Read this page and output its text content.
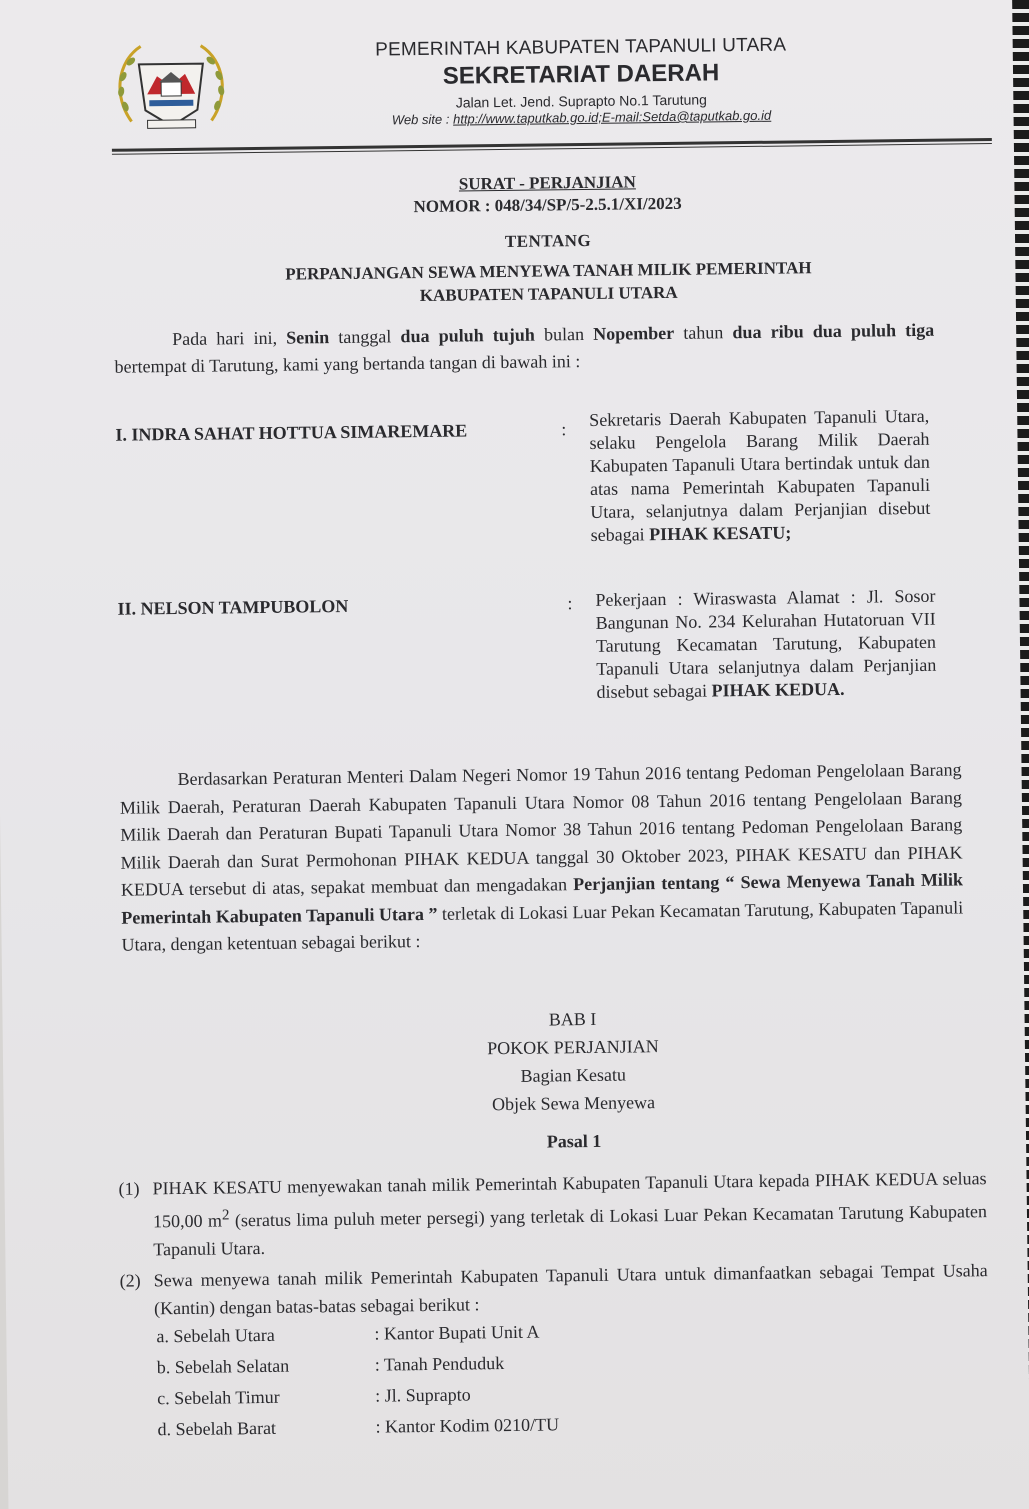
PEMERINTAH KABUPATEN TAPANULI UTARA
SEKRETARIAT DAERAH
Jalan Let. Jend. Suprapto No.1 Tarutung
Web site : http://www.taputkab.go.id;E-mail:Setda@taputkab.go.id
SURAT - PERJANJIAN
NOMOR : 048/34/SP/5-2.5.1/XI/2023
TENTANG
PERPANJANGAN SEWA MENYEWA TANAH MILIK PEMERINTAH
KABUPATEN TAPANULI UTARA
Pada hari ini, Senin tanggal dua puluh tujuh bulan Nopember tahun dua ribu dua puluh tiga bertempat di Tarutung, kami yang bertanda tangan di bawah ini :
I. INDRA SAHAT HOTTUA SIMAREMARE	: Sekretaris Daerah Kabupaten Tapanuli Utara, selaku Pengelola Barang Milik Daerah Kabupaten Tapanuli Utara bertindak untuk dan atas nama Pemerintah Kabupaten Tapanuli Utara, selanjutnya dalam Perjanjian disebut sebagai PIHAK KESATU;
II. NELSON TAMPUBOLON	: Pekerjaan : Wiraswasta Alamat : Jl. Sosor Bangunan No. 234 Kelurahan Hutatoruan VII Tarutung Kecamatan Tarutung, Kabupaten Tapanuli Utara selanjutnya dalam Perjanjian disebut sebagai PIHAK KEDUA.
Berdasarkan Peraturan Menteri Dalam Negeri Nomor 19 Tahun 2016 tentang Pedoman Pengelolaan Barang Milik Daerah, Peraturan Daerah Kabupaten Tapanuli Utara Nomor 08 Tahun 2016 tentang Pengelolaan Barang Milik Daerah dan Peraturan Bupati Tapanuli Utara Nomor 38 Tahun 2016 tentang Pedoman Pengelolaan Barang Milik Daerah dan Surat Permohonan PIHAK KEDUA tanggal 30 Oktober 2023, PIHAK KESATU dan PIHAK KEDUA tersebut di atas, sepakat membuat dan mengadakan Perjanjian tentang “ Sewa Menyewa Tanah Milik Pemerintah Kabupaten Tapanuli Utara ” terletak di Lokasi Luar Pekan Kecamatan Tarutung, Kabupaten Tapanuli Utara, dengan ketentuan sebagai berikut :
BAB I
POKOK PERJANJIAN
Bagian Kesatu
Objek Sewa Menyewa
Pasal 1
(1) PIHAK KESATU menyewakan tanah milik Pemerintah Kabupaten Tapanuli Utara kepada PIHAK KEDUA seluas 150,00 $m^2$ (seratus lima puluh meter persegi) yang terletak di Lokasi Luar Pekan Kecamatan Tarutung Kabupaten Tapanuli Utara.
(2) Sewa menyewa tanah milik Pemerintah Kabupaten Tapanuli Utara untuk dimanfaatkan sebagai Tempat Usaha (Kantin) dengan batas-batas sebagai berikut :
a. Sebelah Utara	: Kantor Bupati Unit A
b. Sebelah Selatan	: Tanah Penduduk
c. Sebelah Timur	: Jl. Suprapto
d. Sebelah Barat	: Kantor Kodim 0210/TU
